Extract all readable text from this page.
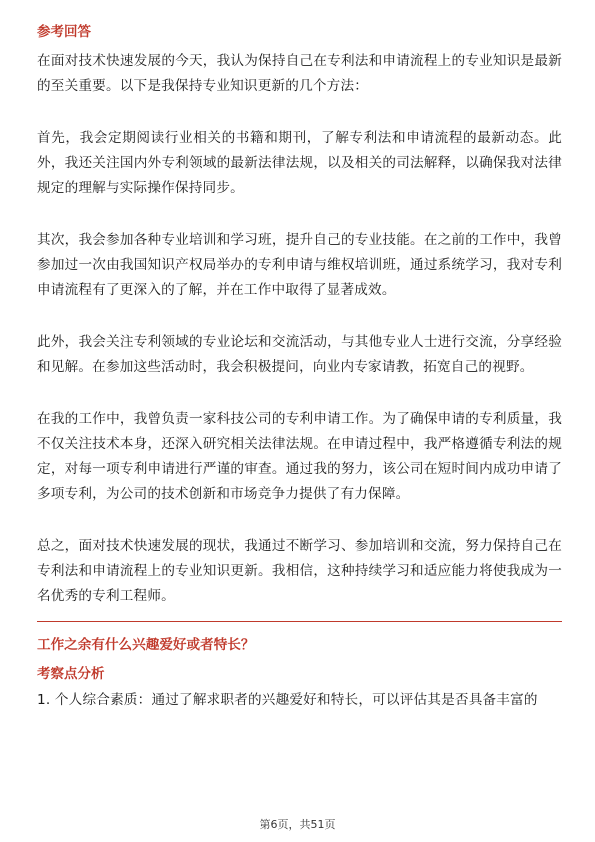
参考回答

在面对技术快速发展的今天，我认为保持自己在专利法和申请流程上的专业知识是最新的至关重要。以下是我保持专业知识更新的几个方法：

首先，我会定期阅读行业相关的书籍和期刊，了解专利法和申请流程的最新动态。此外，我还关注国内外专利领域的最新法律法规，以及相关的司法解释，以确保我对法律规定的理解与实际操作保持同步。

其次，我会参加各种专业培训和学习班，提升自己的专业技能。在之前的工作中，我曾参加过一次由我国知识产权局举办的专利申请与维权培训班，通过系统学习，我对专利申请流程有了更深入的了解，并在工作中取得了显著成效。

此外，我会关注专利领域的专业论坛和交流活动，与其他专业人士进行交流，分享经验和见解。在参加这些活动时，我会积极提问，向业内专家请教，拓宽自己的视野。

在我的工作中，我曾负责一家科技公司的专利申请工作。为了确保申请的专利质量，我不仅关注技术本身，还深入研究相关法律法规。在申请过程中，我严格遵循专利法的规定，对每一项专利申请进行严谨的审查。通过我的努力，该公司在短时间内成功申请了多项专利，为公司的技术创新和市场竞争力提供了有力保障。

总之，面对技术快速发展的现状，我通过不断学习、参加培训和交流，努力保持自己在专利法和申请流程上的专业知识更新。我相信，这种持续学习和适应能力将使我成为一名优秀的专利工程师。

工作之余有什么兴趣爱好或者特长？

考察点分析

1. 个人综合素质：通过了解求职者的兴趣爱好和特长，可以评估其是否具备丰富的

第6页，共51页
